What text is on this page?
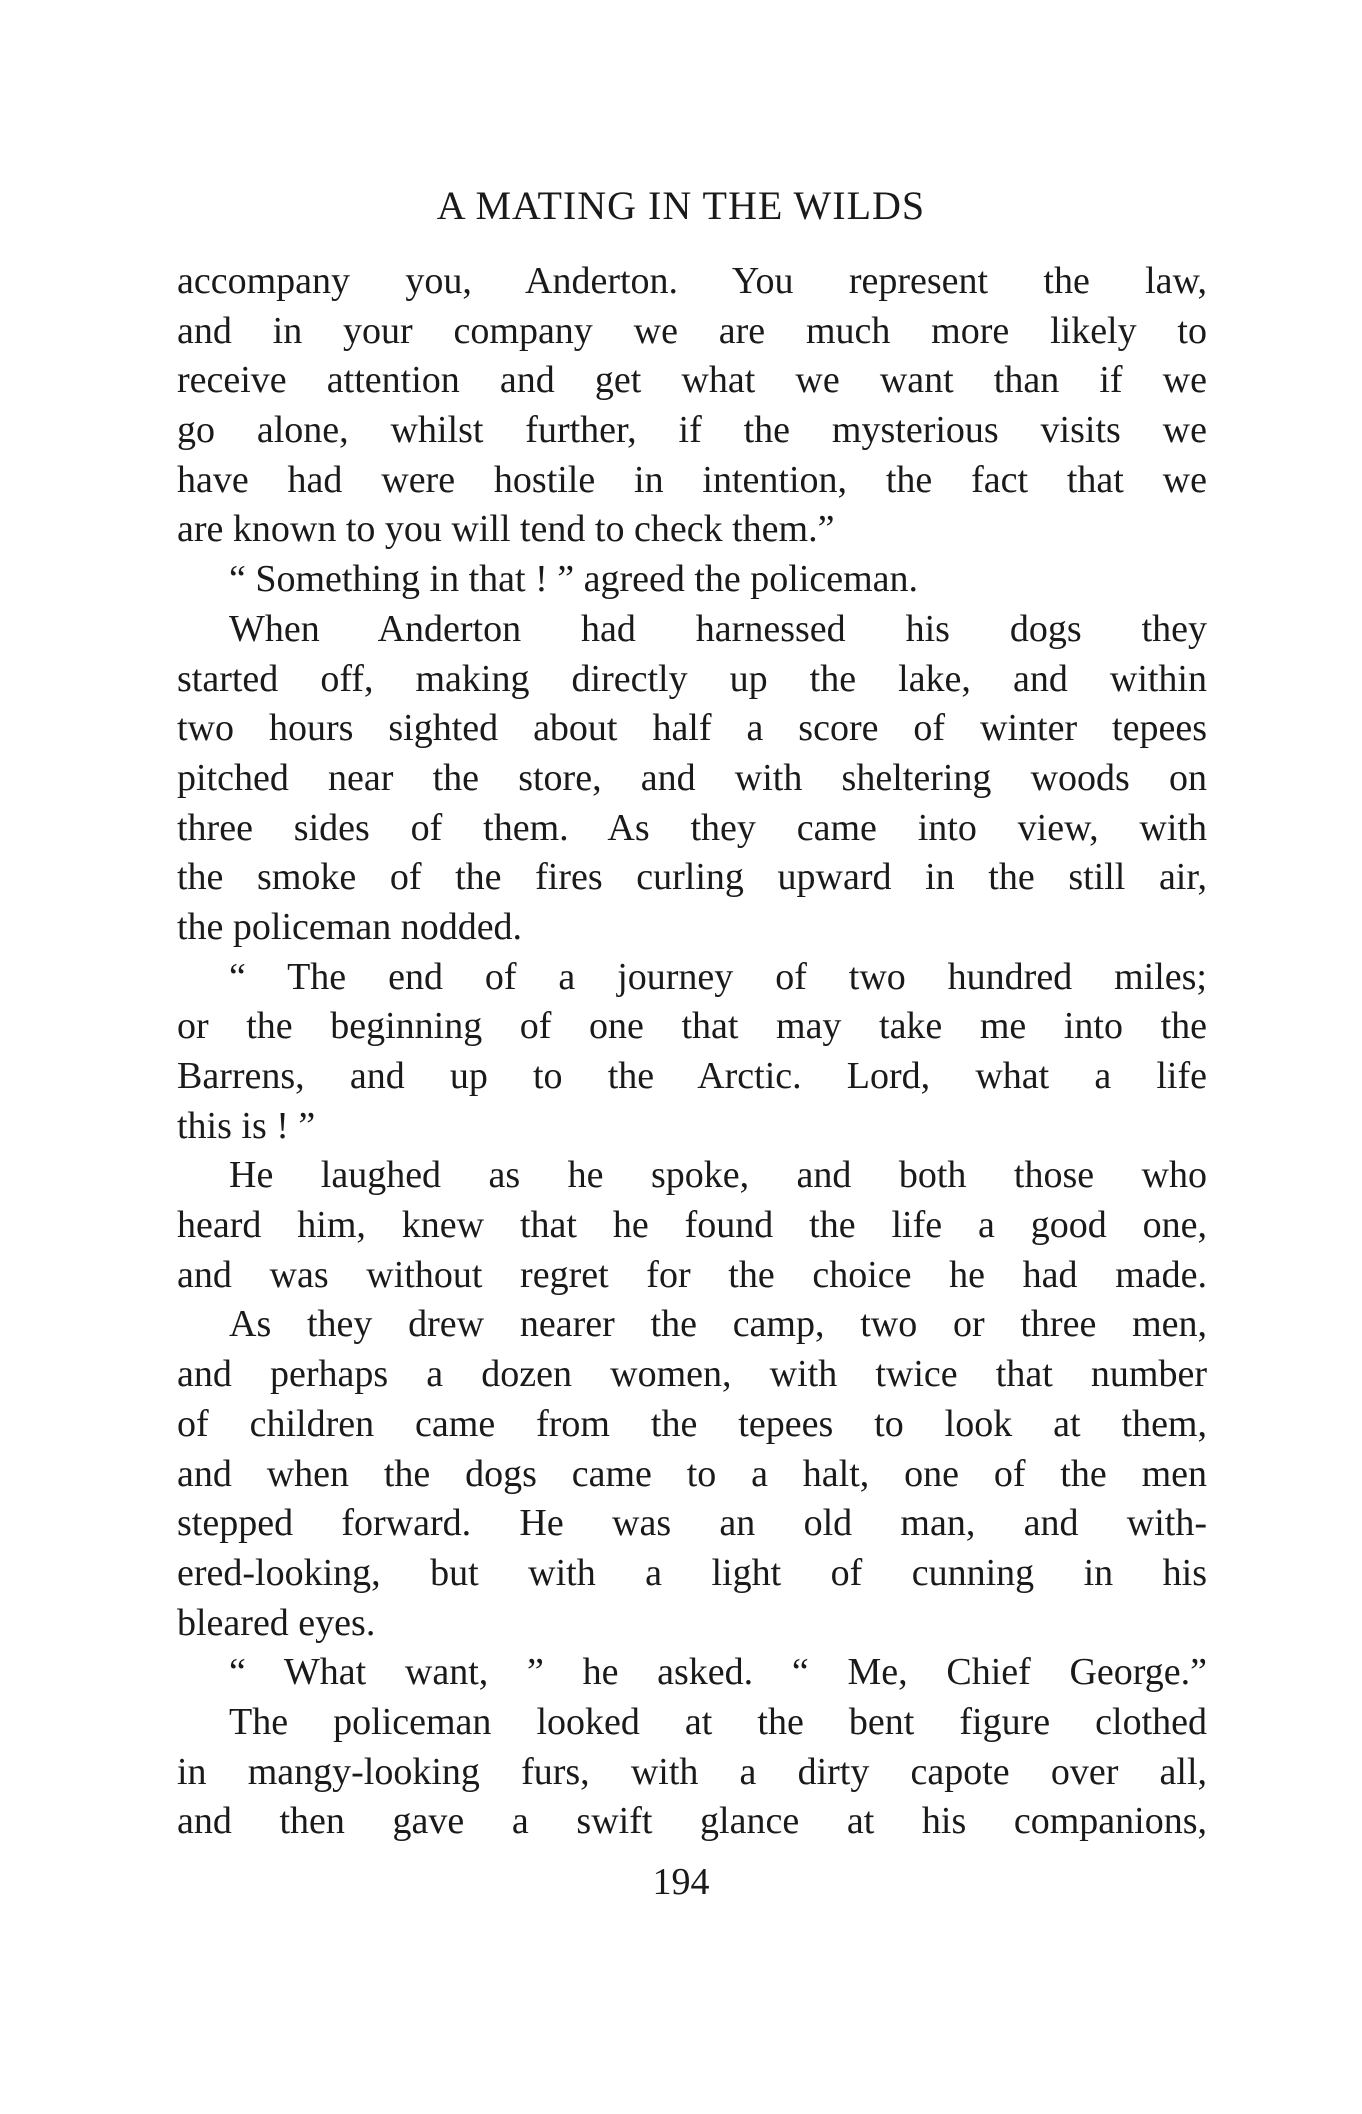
A MATING IN THE WILDS
accompany you, Anderton. You represent the law,
and in your company we are much more likely to
receive attention and get what we want than if we
go alone, whilst further, if the mysterious visits we
have had were hostile in intention, the fact that we
are known to you will tend to check them.”
“ Something in that ! ” agreed the policeman.
When Anderton had harnessed his dogs they
started off, making directly up the lake, and within
two hours sighted about half a score of winter tepees
pitched near the store, and with sheltering woods on
three sides of them. As they came into view, with
the smoke of the fires curling upward in the still air,
the policeman nodded.
“ The end of a journey of two hundred miles;
or the beginning of one that may take me into the
Barrens, and up to the Arctic. Lord, what a life
this is ! ”
He laughed as he spoke, and both those who
heard him, knew that he found the life a good one,
and was without regret for the choice he had made.
As they drew nearer the camp, two or three men,
and perhaps a dozen women, with twice that number
of children came from the tepees to look at them,
and when the dogs came to a halt, one of the men
stepped forward. He was an old man, and with-
ered-looking, but with a light of cunning in his
bleared eyes.
“ What want, ” he asked. “ Me, Chief George.”
The policeman looked at the bent figure clothed
in mangy-looking furs, with a dirty capote over all,
and then gave a swift glance at his companions,
194
